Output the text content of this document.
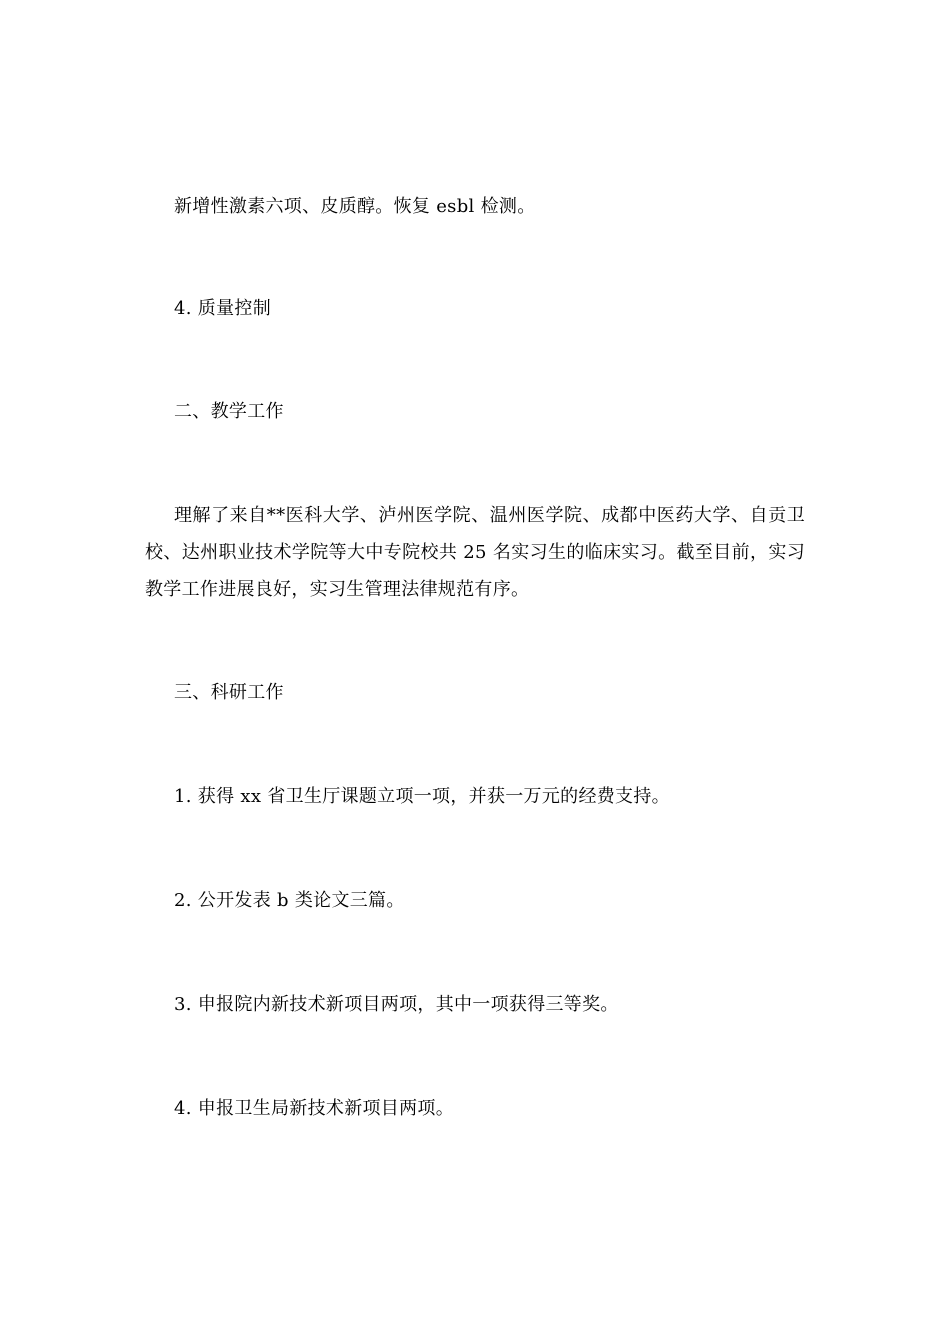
新增性激素六项、皮质醇。恢复 esbl 检测。
4. 质量控制
二、教学工作
理解了来自**医科大学、泸州医学院、温州医学院、成都中医药大学、自贡卫校、达州职业技术学院等大中专院校共 25 名实习生的临床实习。截至目前，实习教学工作进展良好，实习生管理法律规范有序。
三、科研工作
1. 获得 xx 省卫生厅课题立项一项，并获一万元的经费支持。
2. 公开发表 b 类论文三篇。
3. 申报院内新技术新项目两项，其中一项获得三等奖。
4. 申报卫生局新技术新项目两项。
